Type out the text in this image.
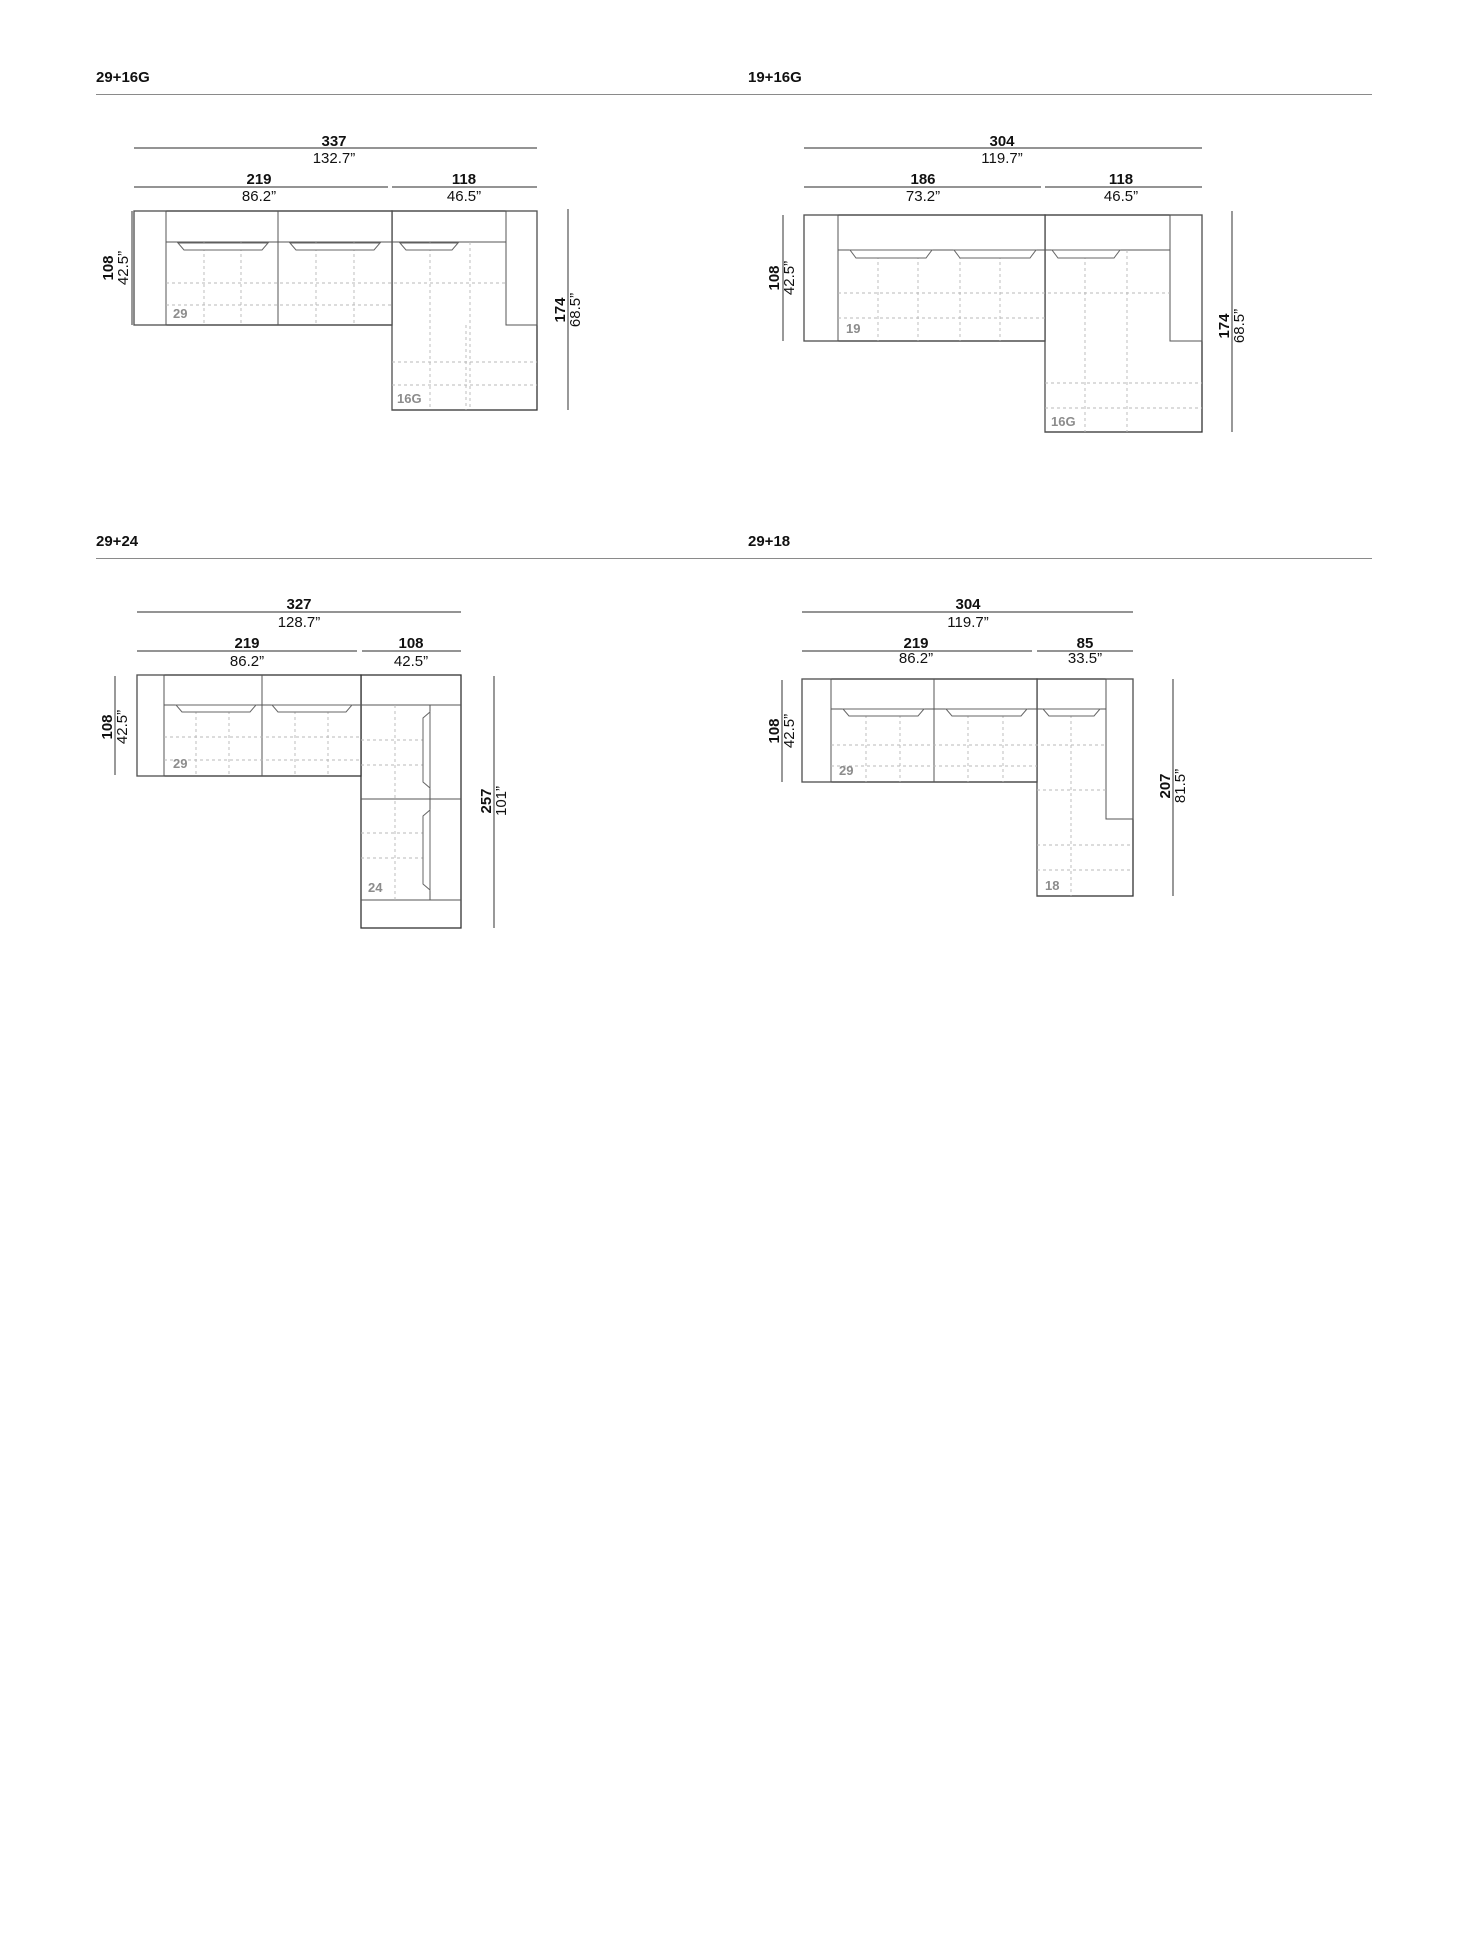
29+16G	19+16G
29+24	29+18
337
132.7”
219
86.2”
118
46.5”
108
42.5”
174
68.5”
29
16G
304
119.7”
186
73.2”
118
46.5”
108
42.5”
174
68.5”
19
16G
327
128.7”
219
86.2”
108
42.5”
108
42.5”
257
101”
29
24
304
119.7”
219
86.2”
85
33.5”
108
42.5”
207
81.5”
29
18
